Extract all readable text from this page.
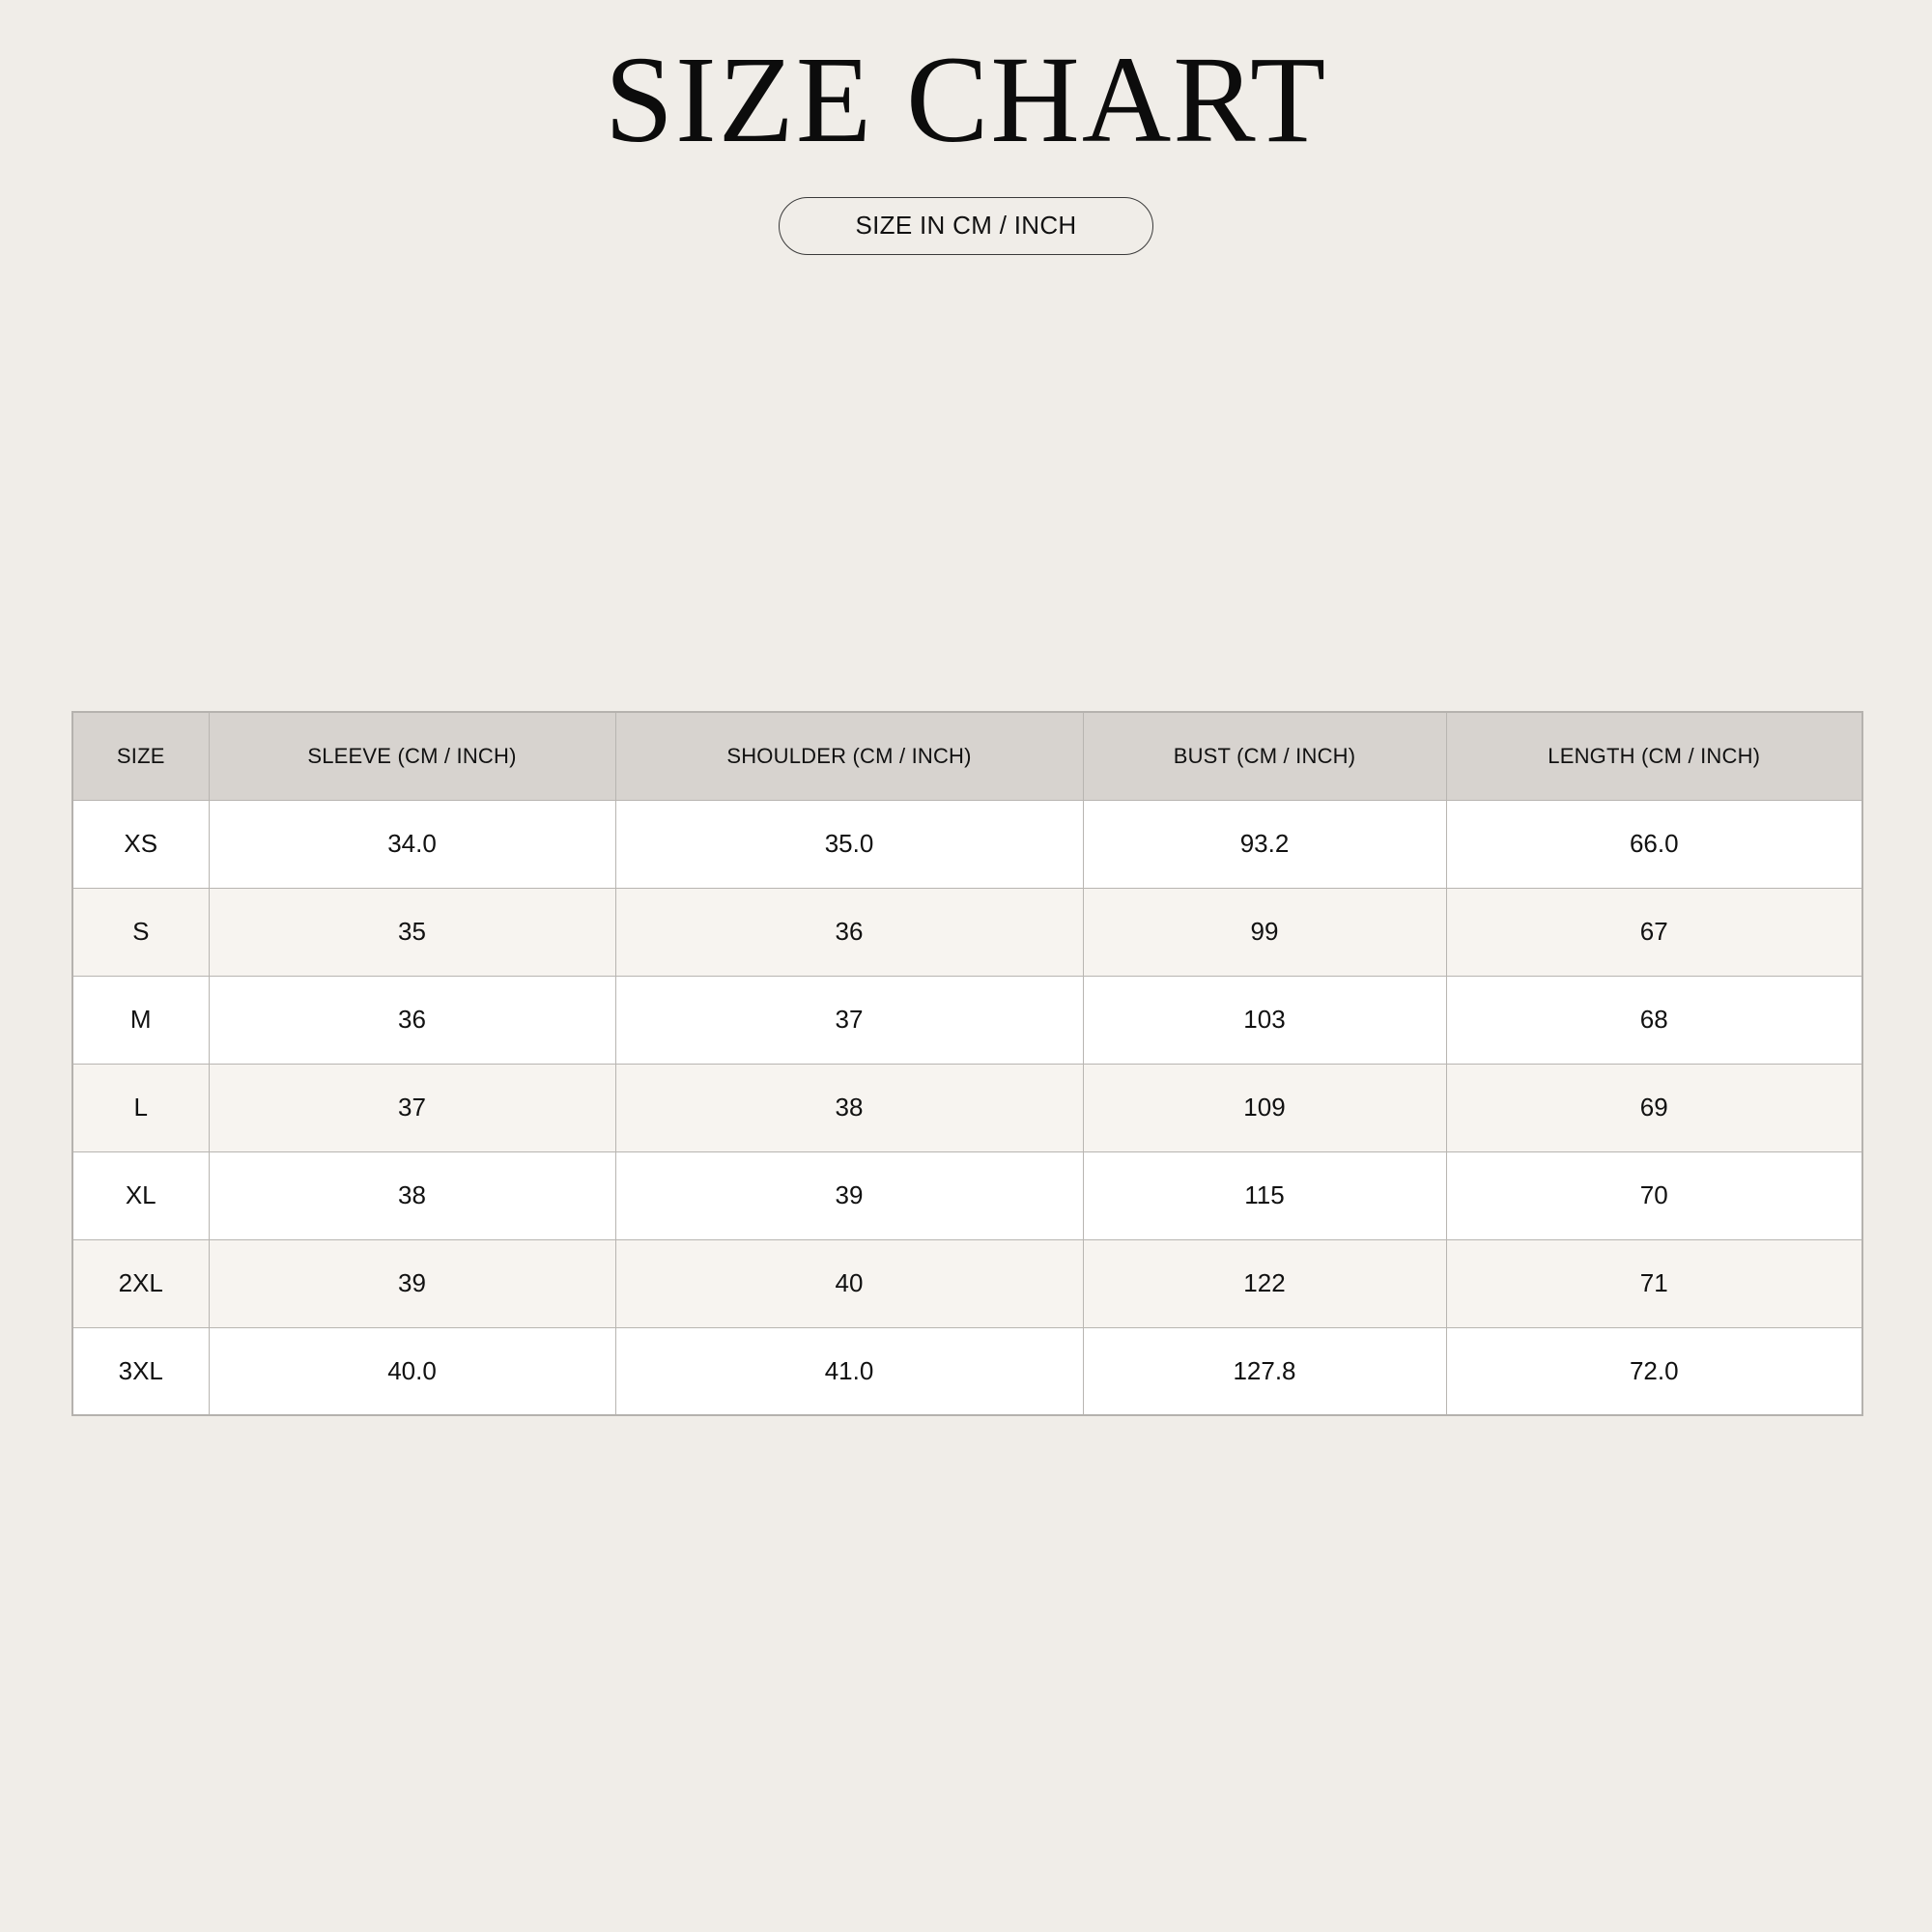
SIZE CHART
SIZE IN CM / INCH
SIZE	SLEEVE (CM / INCH)	SHOULDER (CM / INCH)	BUST (CM / INCH)	LENGTH (CM / INCH)
XS	34.0	35.0	93.2	66.0
S	35	36	99	67
M	36	37	103	68
L	37	38	109	69
XL	38	39	115	70
2XL	39	40	122	71
3XL	40.0	41.0	127.8	72.0
